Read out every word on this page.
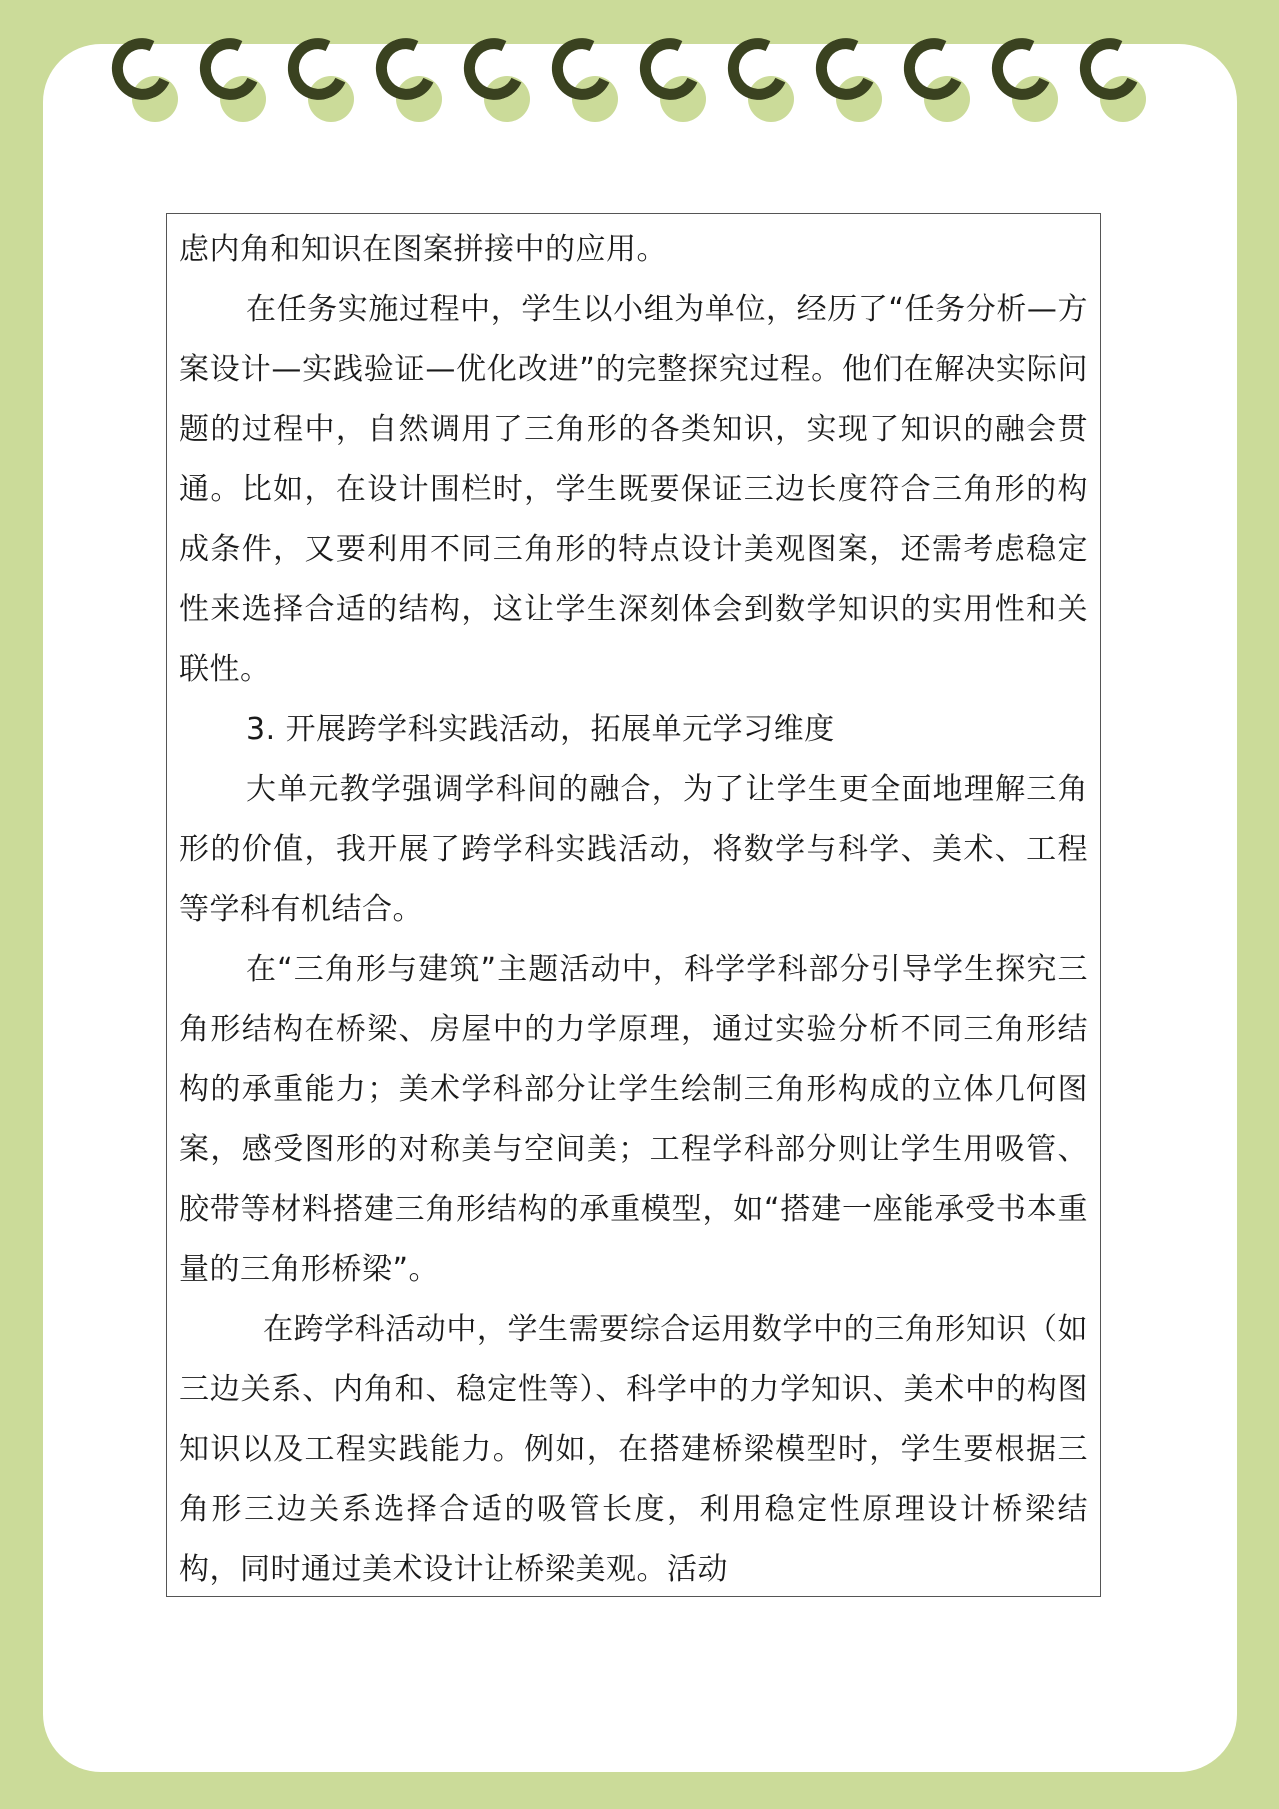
虑内角和知识在图案拼接中的应用。

在任务实施过程中，学生以小组为单位，经历了“任务分析—方案设计—实践验证—优化改进”的完整探究过程。他们在解决实际问题的过程中，自然调用了三角形的各类知识，实现了知识的融会贯通。比如，在设计围栏时，学生既要保证三边长度符合三角形的构成条件，又要利用不同三角形的特点设计美观图案，还需考虑稳定性来选择合适的结构，这让学生深刻体会到数学知识的实用性和关联性。

3. 开展跨学科实践活动，拓展单元学习维度

大单元教学强调学科间的融合，为了让学生更全面地理解三角形的价值，我开展了跨学科实践活动，将数学与科学、美术、工程等学科有机结合。

在“三角形与建筑”主题活动中，科学学科部分引导学生探究三角形结构在桥梁、房屋中的力学原理，通过实验分析不同三角形结构的承重能力；美术学科部分让学生绘制三角形构成的立体几何图案，感受图形的对称美与空间美；工程学科部分则让学生用吸管、胶带等材料搭建三角形结构的承重模型，如“搭建一座能承受书本重量的三角形桥梁”。

在跨学科活动中，学生需要综合运用数学中的三角形知识（如三边关系、内角和、稳定性等）、科学中的力学知识、美术中的构图知识以及工程实践能力。例如，在搭建桥梁模型时，学生要根据三角形三边关系选择合适的吸管长度，利用稳定性原理设计桥梁结构，同时通过美术设计让桥梁美观。活动
